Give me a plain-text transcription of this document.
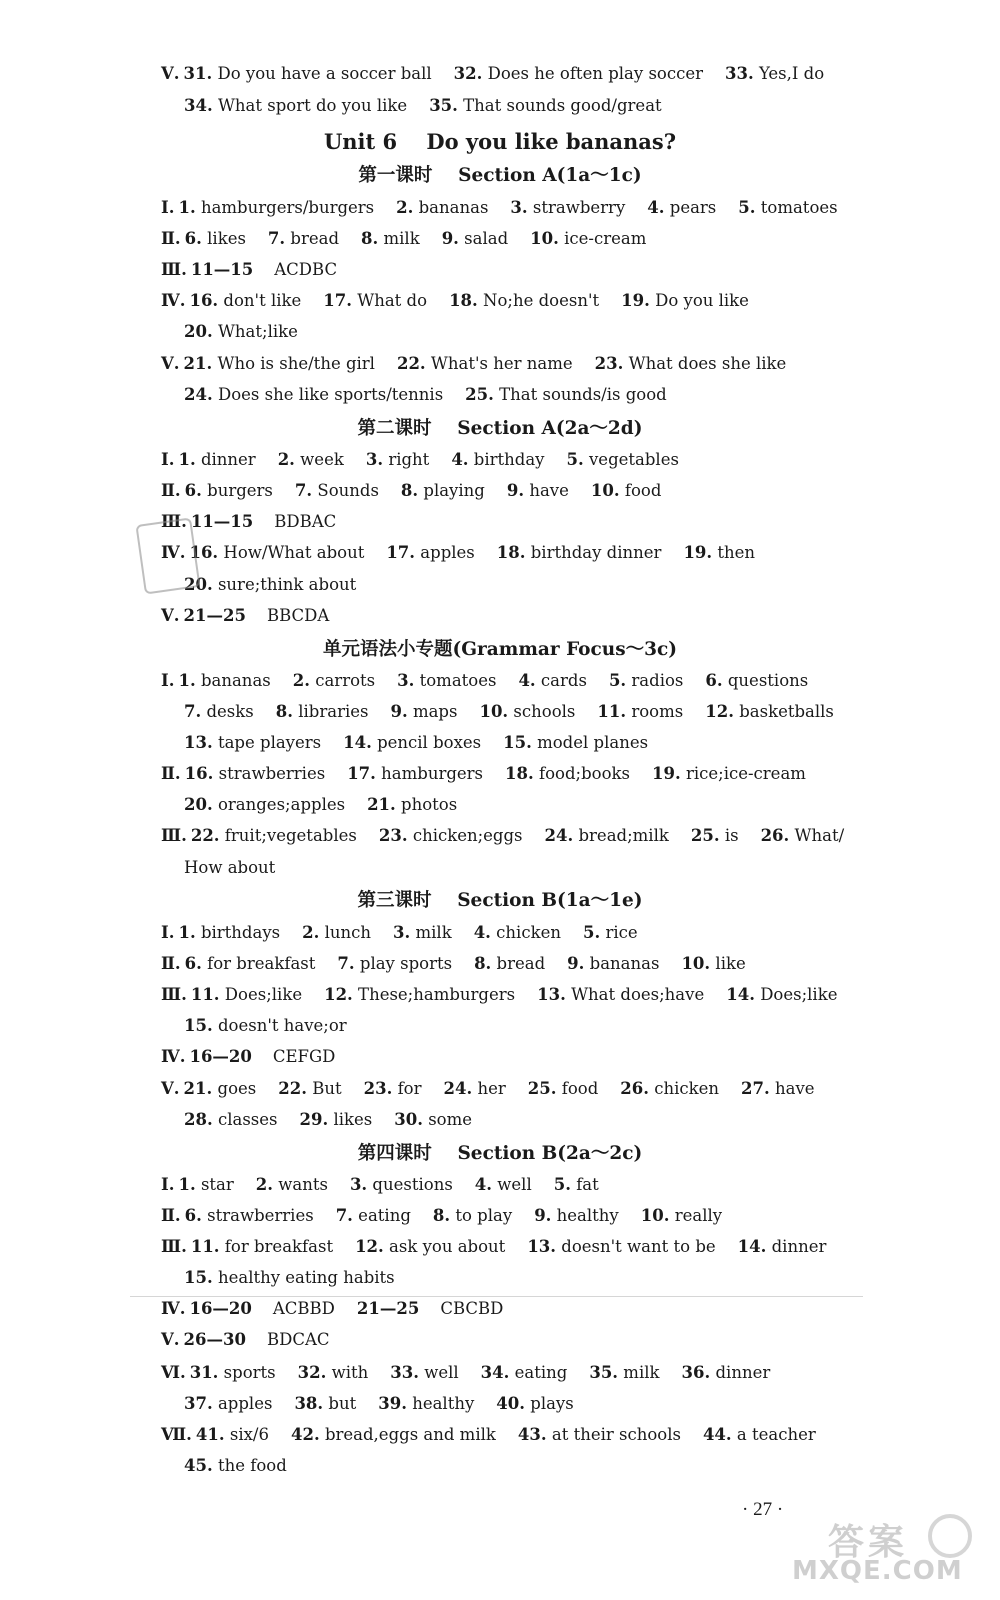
Ⅴ. 31. Do you have a soccer ball 32. Does he often play soccer 33. Yes,I do
34. What sport do you like 35. That sounds good/great
Unit 6    Do you like bananas?
第一课时    Section A(1a～1c)
Ⅰ. 1. hamburgers/burgers 2. bananas 3. strawberry 4. pears 5. tomatoes
Ⅱ. 6. likes 7. bread 8. milk 9. salad 10. ice-cream
Ⅲ. 11—15    ACDBC
Ⅳ. 16. don't like 17. What do 18. No;he doesn't 19. Do you like
20. What;like
Ⅴ. 21. Who is she/the girl 22. What's her name 23. What does she like
24. Does she like sports/tennis 25. That sounds/is good
第二课时    Section A(2a～2d)
Ⅰ. 1. dinner 2. week 3. right 4. birthday 5. vegetables
Ⅱ. 6. burgers 7. Sounds 8. playing 9. have 10. food
Ⅲ. 11—15    BDBAC
Ⅳ. 16. How/What about 17. apples 18. birthday dinner 19. then
20. sure;think about
Ⅴ. 21—25    BBCDA
单元语法小专题(Grammar Focus～3c)
Ⅰ. 1. bananas 2. carrots 3. tomatoes 4. cards 5. radios 6. questions
7. desks 8. libraries 9. maps 10. schools 11. rooms 12. basketballs
13. tape players 14. pencil boxes 15. model planes
Ⅱ. 16. strawberries 17. hamburgers 18. food;books 19. rice;ice-cream
20. oranges;apples 21. photos
Ⅲ. 22. fruit;vegetables 23. chicken;eggs 24. bread;milk 25. is 26. What/
How about
第三课时    Section B(1a～1e)
Ⅰ. 1. birthdays 2. lunch 3. milk 4. chicken 5. rice
Ⅱ. 6. for breakfast 7. play sports 8. bread 9. bananas 10. like
Ⅲ. 11. Does;like 12. These;hamburgers 13. What does;have 14. Does;like
15. doesn't have;or
Ⅳ. 16—20    CEFGD
Ⅴ. 21. goes 22. But 23. for 24. her 25. food 26. chicken 27. have
28. classes 29. likes 30. some
第四课时    Section B(2a～2c)
Ⅰ. 1. star 2. wants 3. questions 4. well 5. fat
Ⅱ. 6. strawberries 7. eating 8. to play 9. healthy 10. really
Ⅲ. 11. for breakfast 12. ask you about 13. doesn't want to be 14. dinner
15. healthy eating habits
Ⅳ. 16—20    ACBBD 21—25    CBCBD
Ⅴ. 26—30    BDCAC
Ⅵ. 31. sports 32. with 33. well 34. eating 35. milk 36. dinner
37. apples 38. but 39. healthy 40. plays
Ⅶ. 41. six/6 42. bread,eggs and milk 43. at their schools 44. a teacher
45. the food
· 27 ·
答案
MXQE.COM
